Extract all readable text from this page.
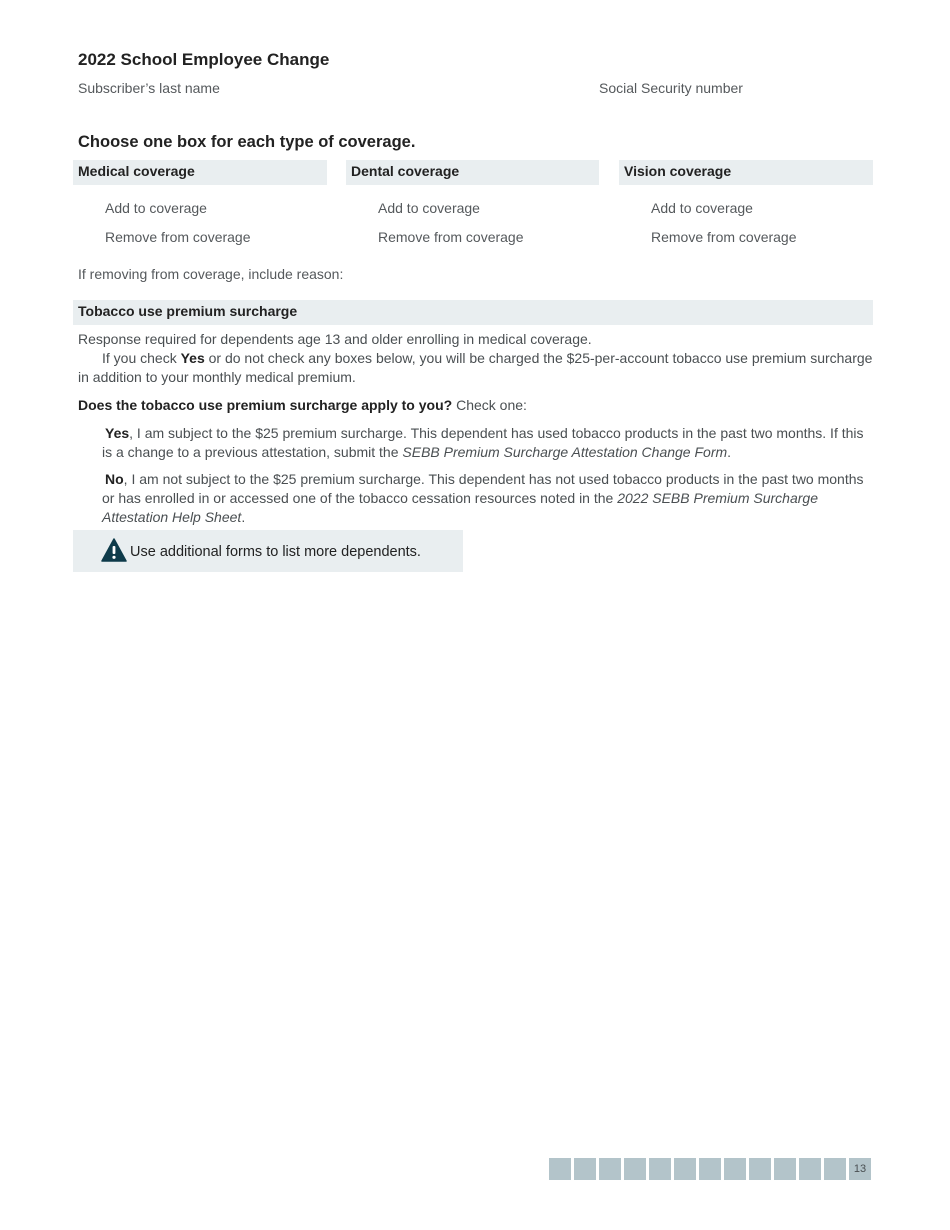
2022 School Employee Change
Subscriber’s last name	Social Security number
Choose one box for each type of coverage.
Medical coverage
Add to coverage
Remove from coverage
Dental coverage
Add to coverage
Remove from coverage
Vision coverage
Add to coverage
Remove from coverage
If removing from coverage, include reason:
Tobacco use premium surcharge
Response required for dependents age 13 and older enrolling in medical coverage.
If you check Yes or do not check any boxes below, you will be charged the $25-per-account tobacco use premium surcharge in addition to your monthly medical premium.
Does the tobacco use premium surcharge apply to you? Check one:
Yes, I am subject to the $25 premium surcharge. This dependent has used tobacco products in the past two months. If this is a change to a previous attestation, submit the SEBB Premium Surcharge Attestation Change Form.
No, I am not subject to the $25 premium surcharge. This dependent has not used tobacco products in the past two months or has enrolled in or accessed one of the tobacco cessation resources noted in the 2022 SEBB Premium Surcharge Attestation Help Sheet.
Use additional forms to list more dependents.
13
